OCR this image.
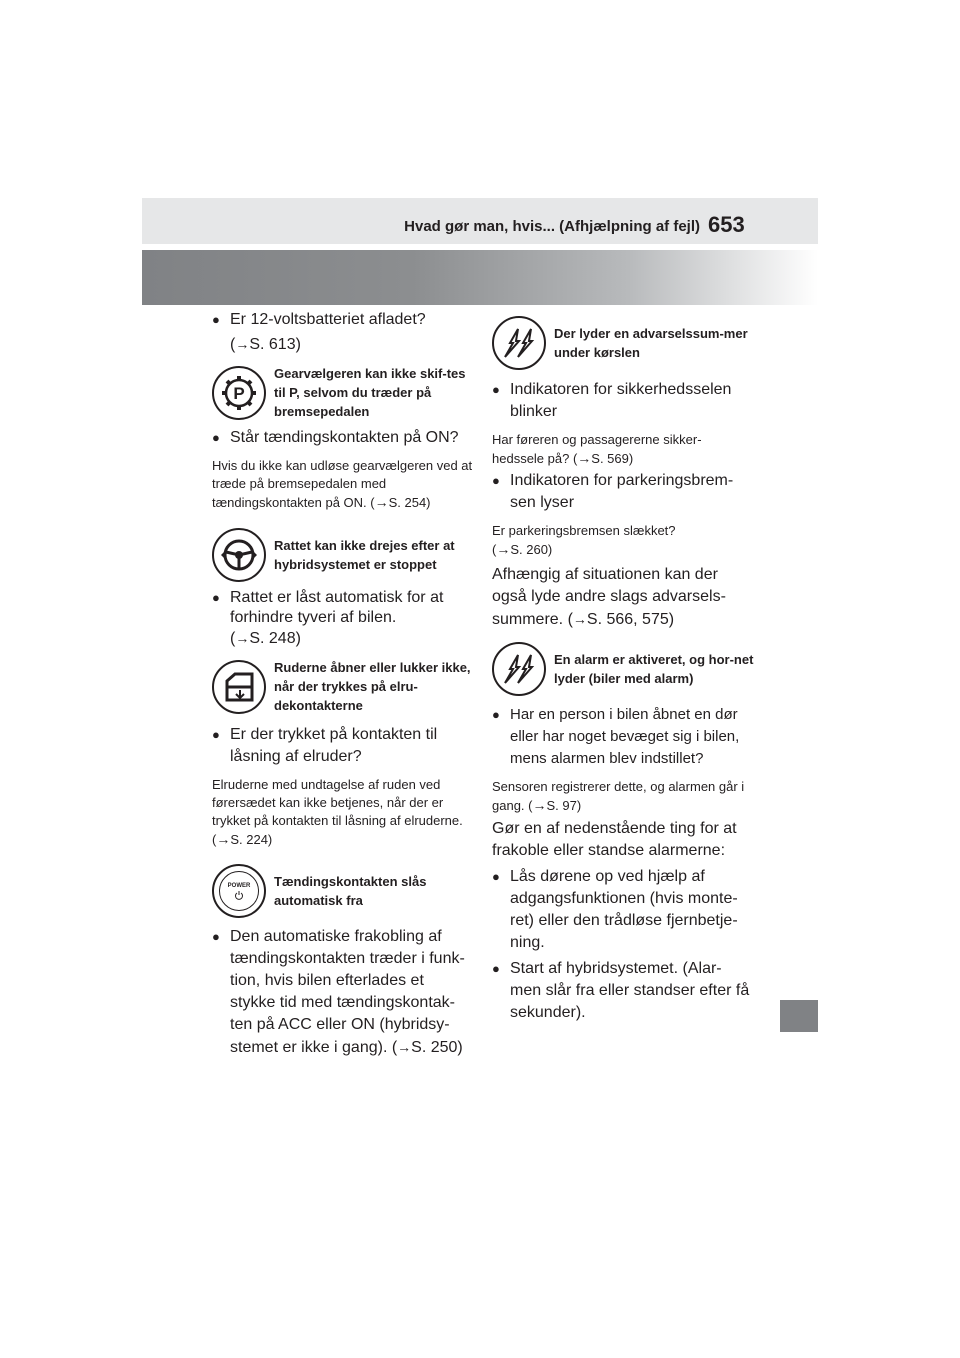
Hvad gør man, hvis... (Afhjælpning af fejl) 653
● Er 12-voltsbatteriet afladet?
(→S. 613)
P
Gearvælgeren kan ikke skif-tes til P, selvom du træder på bremsepedalen
● Står tændingskontakten på ON?
Hvis du ikke kan udløse gearvælgeren ved at træde på bremsepedalen med tændingskontakten på ON. (→S. 254)
Rattet kan ikke drejes efter at hybridsystemet er stoppet
● Rattet er låst automatisk for at forhindre tyveri af bilen.
(→S. 248)
Ruderne åbner eller lukker ikke, når der trykkes på elru-dekontakterne
● Er der trykket på kontakten til låsning af elruder?
Elruderne med undtagelse af ruden ved førersædet kan ikke betjenes, når der er trykket på kontakten til låsning af elruderne. (→S. 224)
POWER Tændingskontakten slås automatisk fra
● Den automatiske frakobling af tændingskontakten træder i funk-tion, hvis bilen efterlades et stykke tid med tændingskontak-ten på ACC eller ON (hybridsy-stemet er ikke i gang). (→S. 250)
Der lyder en advarselssum-mer under kørslen
● Indikatoren for sikkerhedsselen blinker
Har føreren og passagererne sikker-hedssele på? (→S. 569)
● Indikatoren for parkeringsbrem-sen lyser
Er parkeringsbremsen slækket?
(→S. 260)
Afhængig af situationen kan der også lyde andre slags advarsels-summere. (→S. 566, 575)
En alarm er aktiveret, og hor-net lyder (biler med alarm)
● Har en person i bilen åbnet en dør eller har noget bevæget sig i bilen, mens alarmen blev indstillet?
Sensoren registrerer dette, og alarmen går i gang. (→S. 97)
Gør en af nedenstående ting for at frakoble eller standse alarmerne:
● Lås dørene op ved hjælp af adgangsfunktionen (hvis monte-ret) eller den trådløse fjernbetje-ning.
● Start af hybridsystemet. (Alar-men slår fra eller standser efter få sekunder).
